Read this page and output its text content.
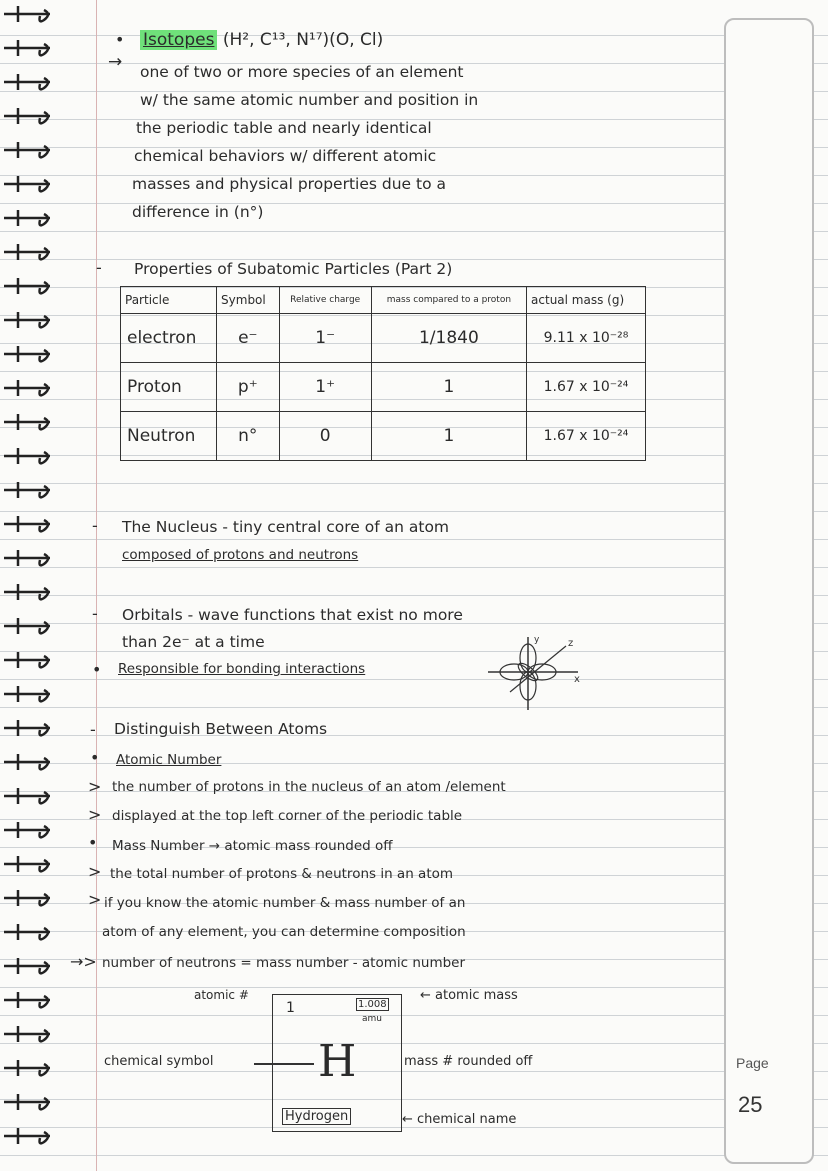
Page
25
• Isotopes (H², C¹³, N¹⁷)(O, Cl)
→ one of two or more species of an element
w/ the same atomic number and position in
the periodic table and nearly identical
chemical behaviors w/ different atomic
masses and physical properties due to a
difference in (n°)
- Properties of Subatomic Particles (Part 2)
Particle	Symbol	Relative charge	mass compared to a proton	actual mass (g)
electron	e⁻	1⁻	1/1840	9.11 x 10⁻²⁸
Proton	p⁺	1⁺	1	1.67 x 10⁻²⁴
Neutron	n°	0	1	1.67 x 10⁻²⁴
- The Nucleus - tiny central core of an atom
composed of protons and neutrons
- Orbitals - wave functions that exist no more
than 2e⁻ at a time
• Responsible for bonding interactions
y	z
x
- Distinguish Between Atoms
• Atomic Number
> the number of protons in the nucleus of an atom /element
> displayed at the top left corner of the periodic table
• Mass Number → atomic mass rounded off
> the total number of protons & neutrons in an atom
> if you know the atomic number & mass number of an
atom of any element, you can determine composition
→> number of neutrons = mass number - atomic number
atomic #	← atomic mass
1	1.008
amu
H
chemical symbol	mass # rounded off
Hydrogen	← chemical name
